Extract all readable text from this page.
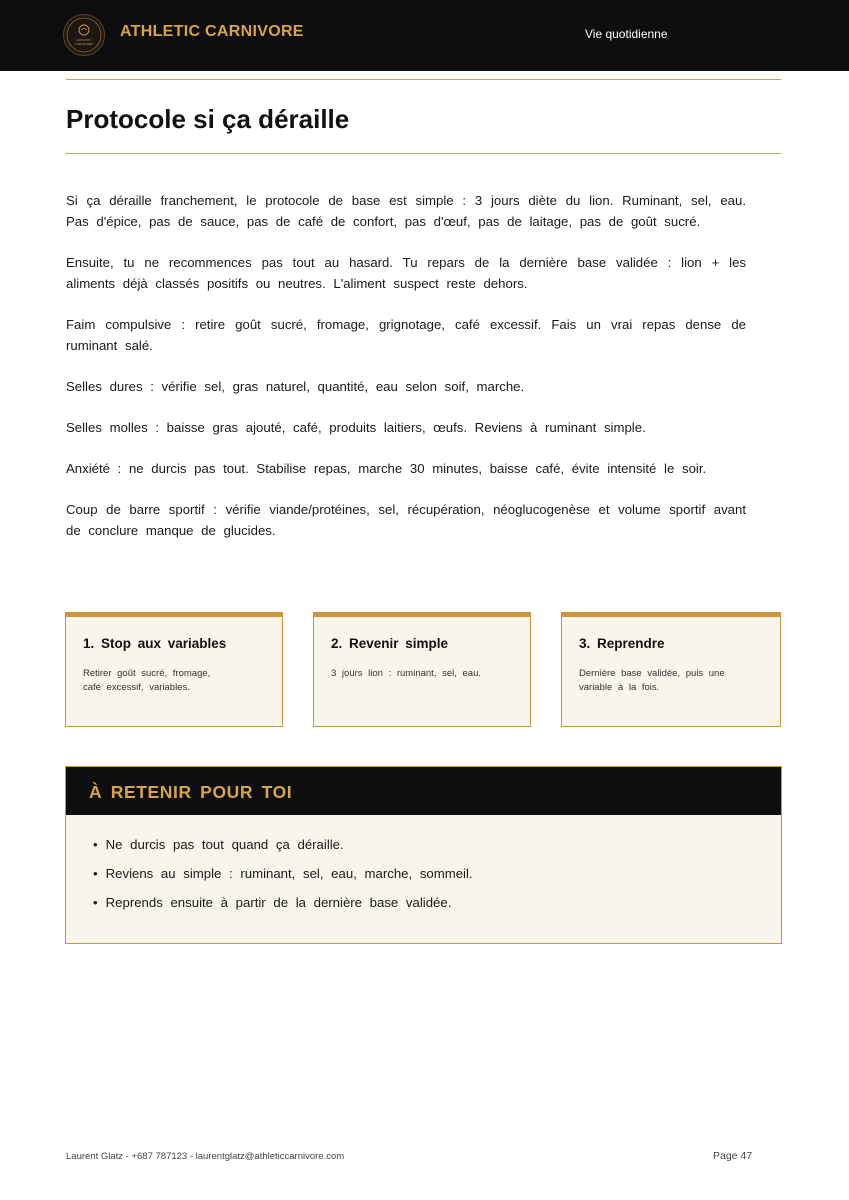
ATHLETIC
CARNIVORE
ATHLETIC CARNIVORE	Vie quotidienne
Protocole si ça déraille

Si ça déraille franchement, le protocole de base est simple : 3 jours diète du lion. Ruminant, sel, eau. Pas d'épice, pas de sauce, pas de café de confort, pas d'œuf, pas de laitage, pas de goût sucré.

Ensuite, tu ne recommences pas tout au hasard. Tu repars de la dernière base validée : lion + les aliments déjà classés positifs ou neutres. L'aliment suspect reste dehors.

Faim compulsive : retire goût sucré, fromage, grignotage, café excessif. Fais un vrai repas dense de ruminant salé.

Selles dures : vérifie sel, gras naturel, quantité, eau selon soif, marche.

Selles molles : baisse gras ajouté, café, produits laitiers, œufs. Reviens à ruminant simple.

Anxiété : ne durcis pas tout. Stabilise repas, marche 30 minutes, baisse café, évite intensité le soir.

Coup de barre sportif : vérifie viande/protéines, sel, récupération, néoglucogenèse et volume sportif avant de conclure manque de glucides.

1. Stop aux variables
Retirer goût sucré, fromage, café excessif, variables.
2. Revenir simple
3 jours lion : ruminant, sel, eau.
3. Reprendre
Dernière base validée, puis une variable à la fois.
À RETENIR POUR TOI
• Ne durcis pas tout quand ça déraille.
• Reviens au simple : ruminant, sel, eau, marche, sommeil.
• Reprends ensuite à partir de la dernière base validée.
Laurent Glatz - +687 787123 - laurentglatz@athleticcarnivore.com	Page 47
